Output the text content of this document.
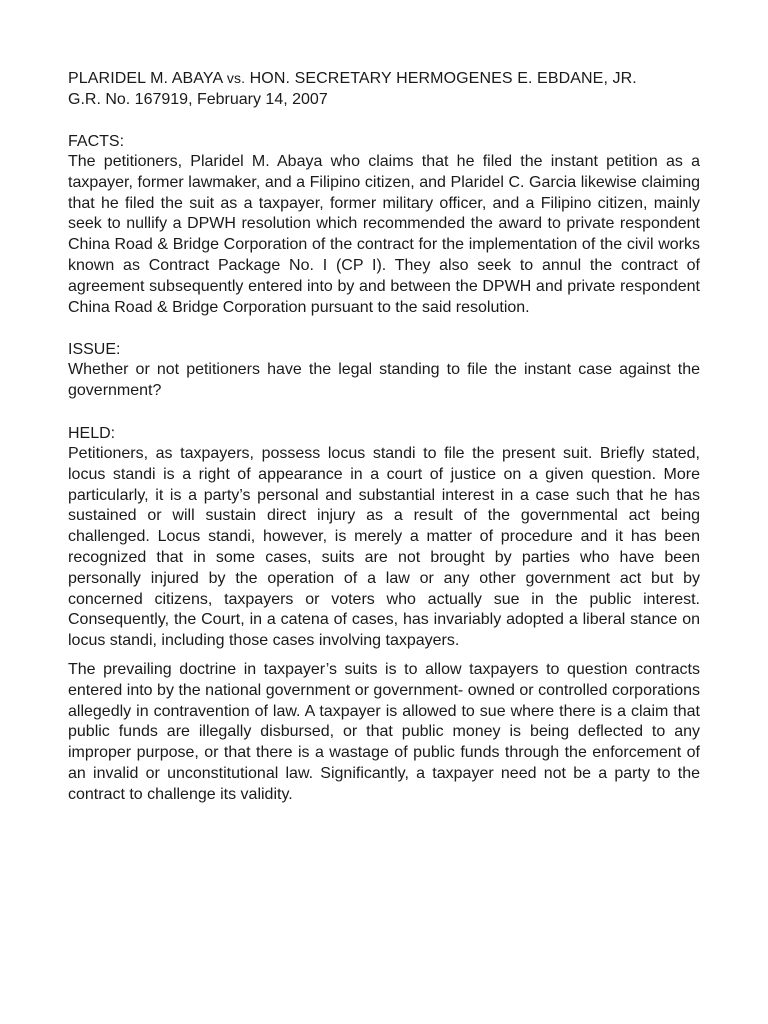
PLARIDEL M. ABAYA vs. HON. SECRETARY HERMOGENES E. EBDANE, JR.

G.R. No. 167919, February 14, 2007

FACTS:

The petitioners, Plaridel M. Abaya who claims that he filed the instant petition as a taxpayer, former lawmaker, and a Filipino citizen, and Plaridel C. Garcia likewise claiming that he filed the suit as a taxpayer, former military officer, and a Filipino citizen, mainly seek to nullify a DPWH resolution which recommended the award to private respondent China Road & Bridge Corporation of the contract for the implementation of the civil works known as Contract Package No. I (CP I). They also seek to annul the contract of agreement subsequently entered into by and between the DPWH and private respondent China Road & Bridge Corporation pursuant to the said resolution.

ISSUE:

Whether or not petitioners have the legal standing to file the instant case against the government?

HELD:

Petitioners, as taxpayers, possess locus standi to file the present suit. Briefly stated, locus standi is a right of appearance in a court of justice on a given question. More particularly, it is a party’s personal and substantial interest in a case such that he has sustained or will sustain direct injury as a result of the governmental act being challenged. Locus standi, however, is merely a matter of procedure and it has been recognized that in some cases, suits are not brought by parties who have been personally injured by the operation of a law or any other government act but by concerned citizens, taxpayers or voters who actually sue in the public interest. Consequently, the Court, in a catena of cases, has invariably adopted a liberal stance on locus standi, including those cases involving taxpayers.

The prevailing doctrine in taxpayer’s suits is to allow taxpayers to question contracts entered into by the national government or government- owned or controlled corporations allegedly in contravention of law. A taxpayer is allowed to sue where there is a claim that public funds are illegally disbursed, or that public money is being deflected to any improper purpose, or that there is a wastage of public funds through the enforcement of an invalid or unconstitutional law. Significantly, a taxpayer need not be a party to the contract to challenge its validity.
